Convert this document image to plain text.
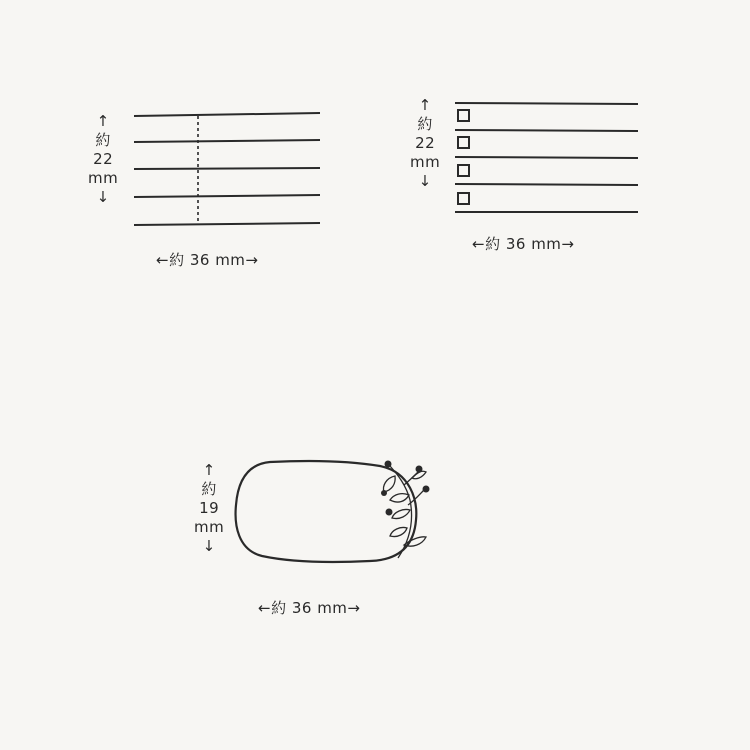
↑
約
22
mm
↓
←約 36 mm→
↑
約
22
mm
↓
←約 36 mm→
↑
約
19
mm
↓
←約 36 mm→
